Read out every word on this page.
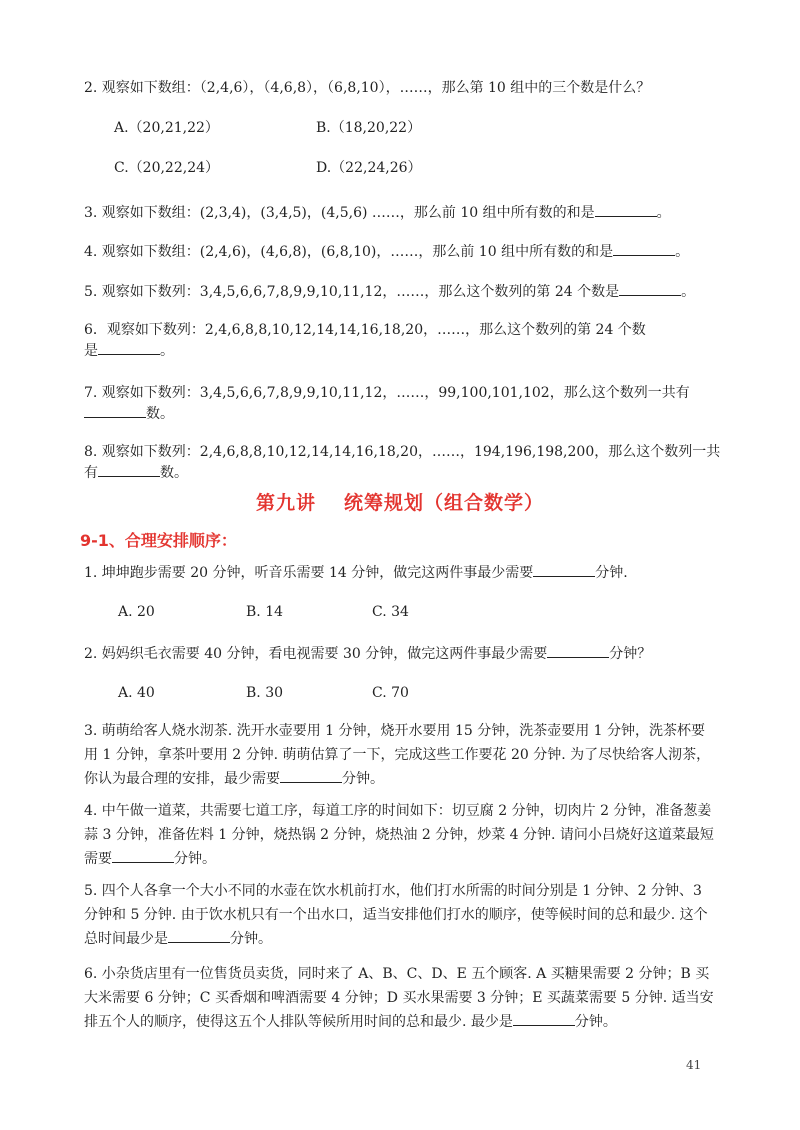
2. 观察如下数组：（2,4,6），（4,6,8），（6,8,10），……，那么第 10 组中的三个数是什么？
A.（20,21,22）	B.（18,20,22）
C.（20,22,24）	D.（22,24,26）
3. 观察如下数组：(2,3,4)，(3,4,5)，(4,5,6) ……，那么前 10 组中所有数的和是	。
4. 观察如下数组：(2,4,6)，(4,6,8)，(6,8,10)，……，那么前 10 组中所有数的和是	。
5. 观察如下数列：3,4,5,6,6,7,8,9,9,10,11,12，……，那么这个数列的第 24 个数是	。
6．观察如下数列：2,4,6,8,8,10,12,14,14,16,18,20，……，那么这个数列的第 24 个数
是	。
7. 观察如下数列：3,4,5,6,6,7,8,9,9,10,11,12，……，99,100,101,102，那么这个数列一共有
数。
8. 观察如下数列：2,4,6,8,8,10,12,14,14,16,18,20，……，194,196,198,200，那么这个数列一共
有	数。
第九讲 统筹规划（组合数学）
9-1、合理安排顺序：
1. 坤坤跑步需要 20 分钟，听音乐需要 14 分钟，做完这两件事最少需要	分钟.
A. 20	B. 14	C. 34
2. 妈妈织毛衣需要 40 分钟，看电视需要 30 分钟，做完这两件事最少需要	分钟？
A. 40	B. 30	C. 70
3. 萌萌给客人烧水沏茶. 洗开水壶要用 1 分钟，烧开水要用 15 分钟，洗茶壶要用 1 分钟，洗茶杯要用 1 分钟，拿茶叶要用 2 分钟. 萌萌估算了一下，完成这些工作要花 20 分钟. 为了尽快给客人沏茶，你认为最合理的安排，最少需要	分钟。
4. 中午做一道菜，共需要七道工序，每道工序的时间如下：切豆腐 2 分钟，切肉片 2 分钟，准备葱姜蒜 3 分钟，准备佐料 1 分钟，烧热锅 2 分钟，烧热油 2 分钟，炒菜 4 分钟. 请问小吕烧好这道菜最短需要	分钟。
5. 四个人各拿一个大小不同的水壶在饮水机前打水，他们打水所需的时间分别是 1 分钟、2 分钟、3 分钟和 5 分钟. 由于饮水机只有一个出水口，适当安排他们打水的顺序，使等候时间的总和最少. 这个总时间最少是	分钟。
6. 小杂货店里有一位售货员卖货，同时来了 A、B、C、D、E 五个顾客. A 买糖果需要 2 分钟；B 买大米需要 6 分钟；C 买香烟和啤酒需要 4 分钟；D 买水果需要 3 分钟；E 买蔬菜需要 5 分钟. 适当安排五个人的顺序，使得这五个人排队等候所用时间的总和最少. 最少是	分钟。
41
